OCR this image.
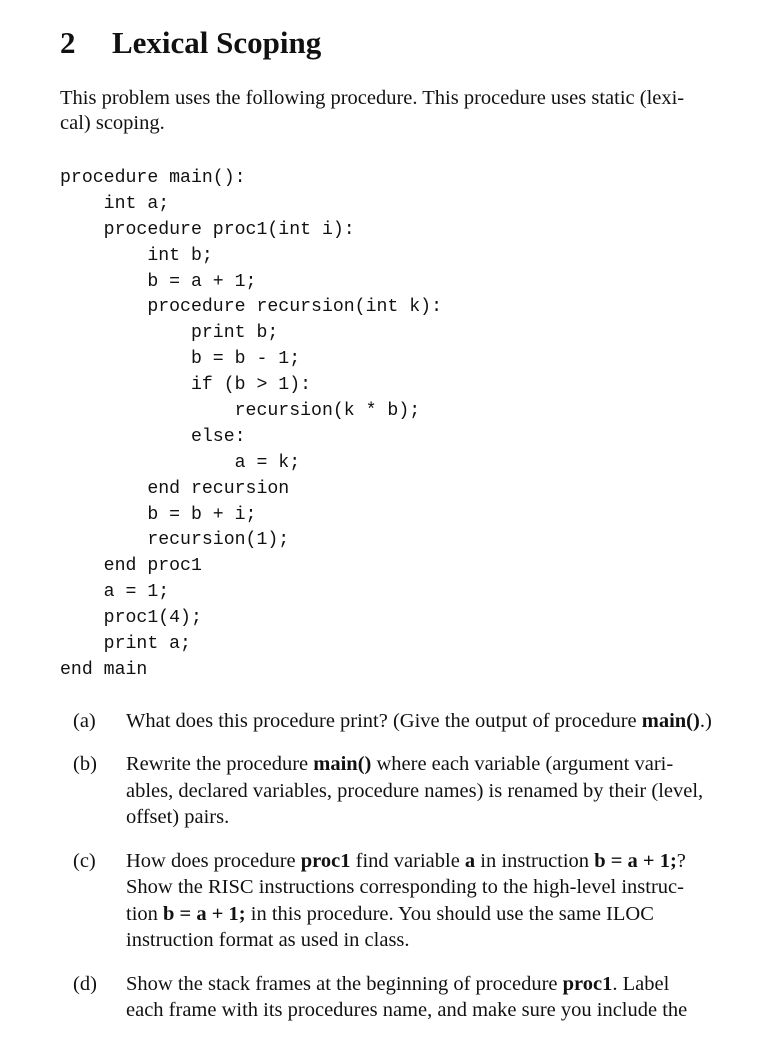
2 Lexical Scoping
This problem uses the following procedure. This procedure uses static (lexi-
cal) scoping.
procedure main():
int a;
procedure proc1(int i):
int b;
b = a + 1;
procedure recursion(int k):
print b;
b = b - 1;
if (b > 1):
recursion(k * b);
else:
a = k;
end recursion
b = b + i;
recursion(1);
end proc1
a = 1;
proc1(4);
print a;
end main
(a) What does this procedure print? (Give the output of procedure main().)
(b) Rewrite the procedure main() where each variable (argument vari-
ables, declared variables, procedure names) is renamed by their (level,
offset) pairs.
(c) How does procedure proc1 find variable a in instruction b = a + 1;?
Show the RISC instructions corresponding to the high-level instruc-
tion b = a + 1; in this procedure. You should use the same ILOC
instruction format as used in class.
(d) Show the stack frames at the beginning of procedure proc1. Label
each frame with its procedures name, and make sure you include the
